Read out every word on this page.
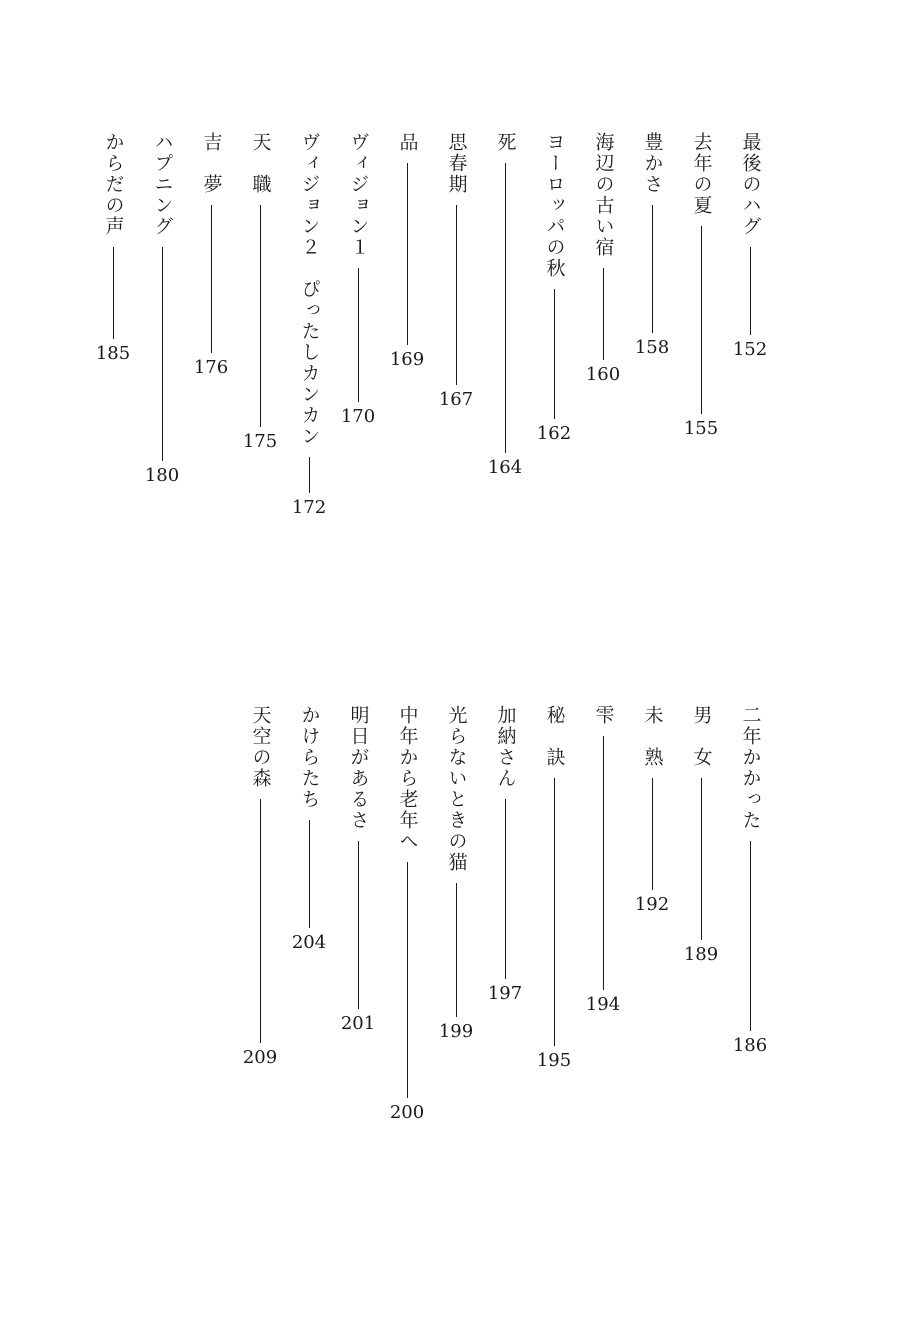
最後のハグ
152
去年の夏
155
豊かさ
158
海辺の古い宿
160
ヨーロッパの秋
162
死
164
思春期
167
品
169
ヴィジョン１
170
ヴィジョン２　ぴったしカンカン
172
天　職
175
吉　夢
176
ハプニング
180
からだの声
185
二年かかった
186
男　女
189
未　熟
192
雫
194
秘　訣
195
加納さん
197
光らないときの猫
199
中年から老年へ
200
明日があるさ
201
かけらたち
204
天空の森
209
